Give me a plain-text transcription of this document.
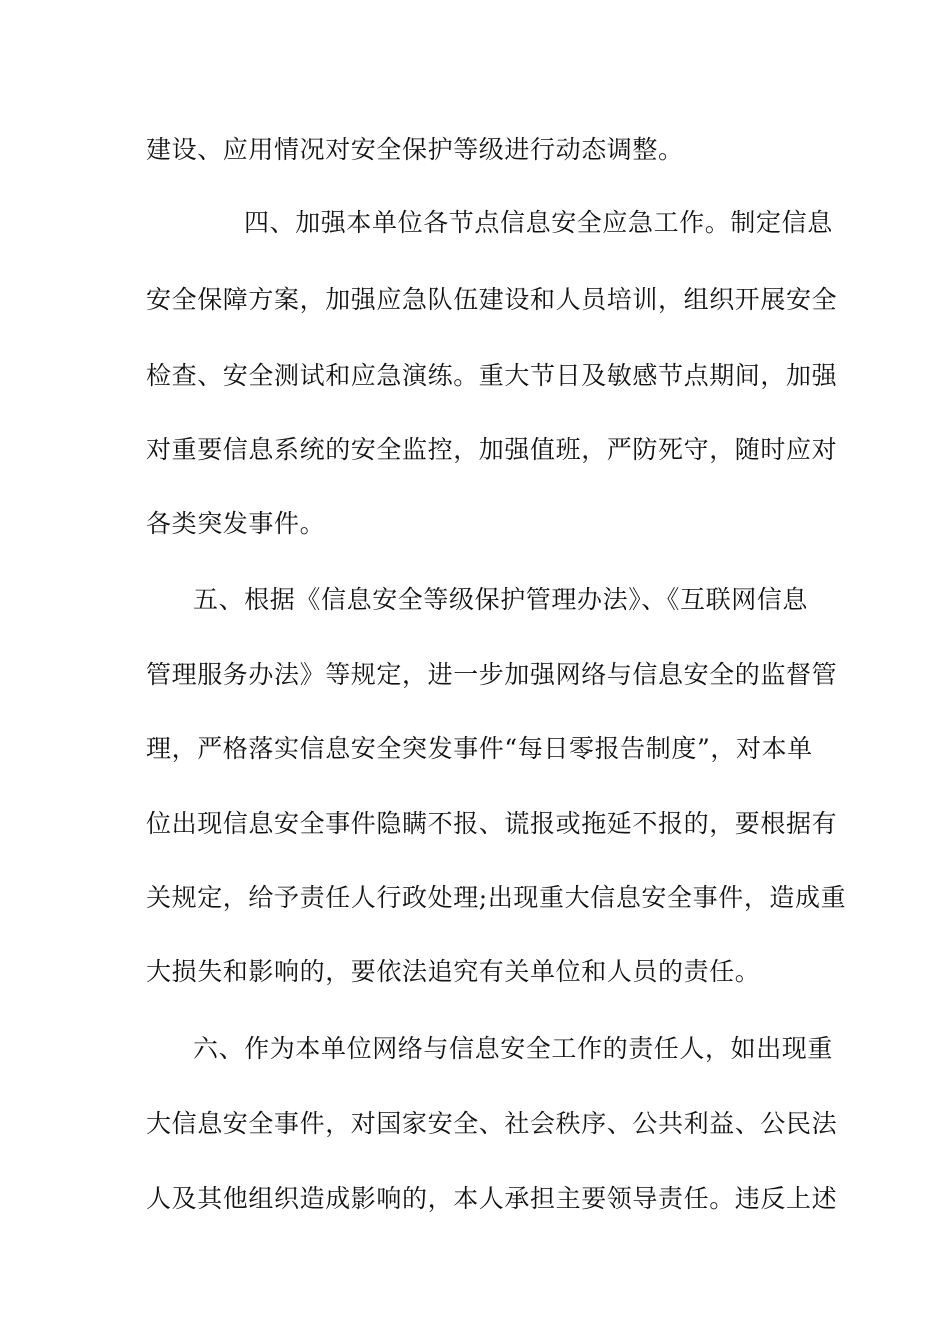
建设、应用情况对安全保护等级进行动态调整。
四、加强本单位各节点信息安全应急工作。制定信息
安全保障方案，加强应急队伍建设和人员培训，组织开展安全
检查、安全测试和应急演练。重大节日及敏感节点期间，加强
对重要信息系统的安全监控，加强值班，严防死守，随时应对
各类突发事件。
五、根据《信息安全等级保护管理办法》、《互联网信息
管理服务办法》等规定，进一步加强网络与信息安全的监督管
理，严格落实信息安全突发事件“每日零报告制度”，对本单
位出现信息安全事件隐瞒不报、谎报或拖延不报的，要根据有
关规定，给予责任人行政处理;出现重大信息安全事件，造成重
大损失和影响的，要依法追究有关单位和人员的责任。
六、作为本单位网络与信息安全工作的责任人，如出现重
大信息安全事件，对国家安全、社会秩序、公共利益、公民法
人及其他组织造成影响的，本人承担主要领导责任。违反上述
